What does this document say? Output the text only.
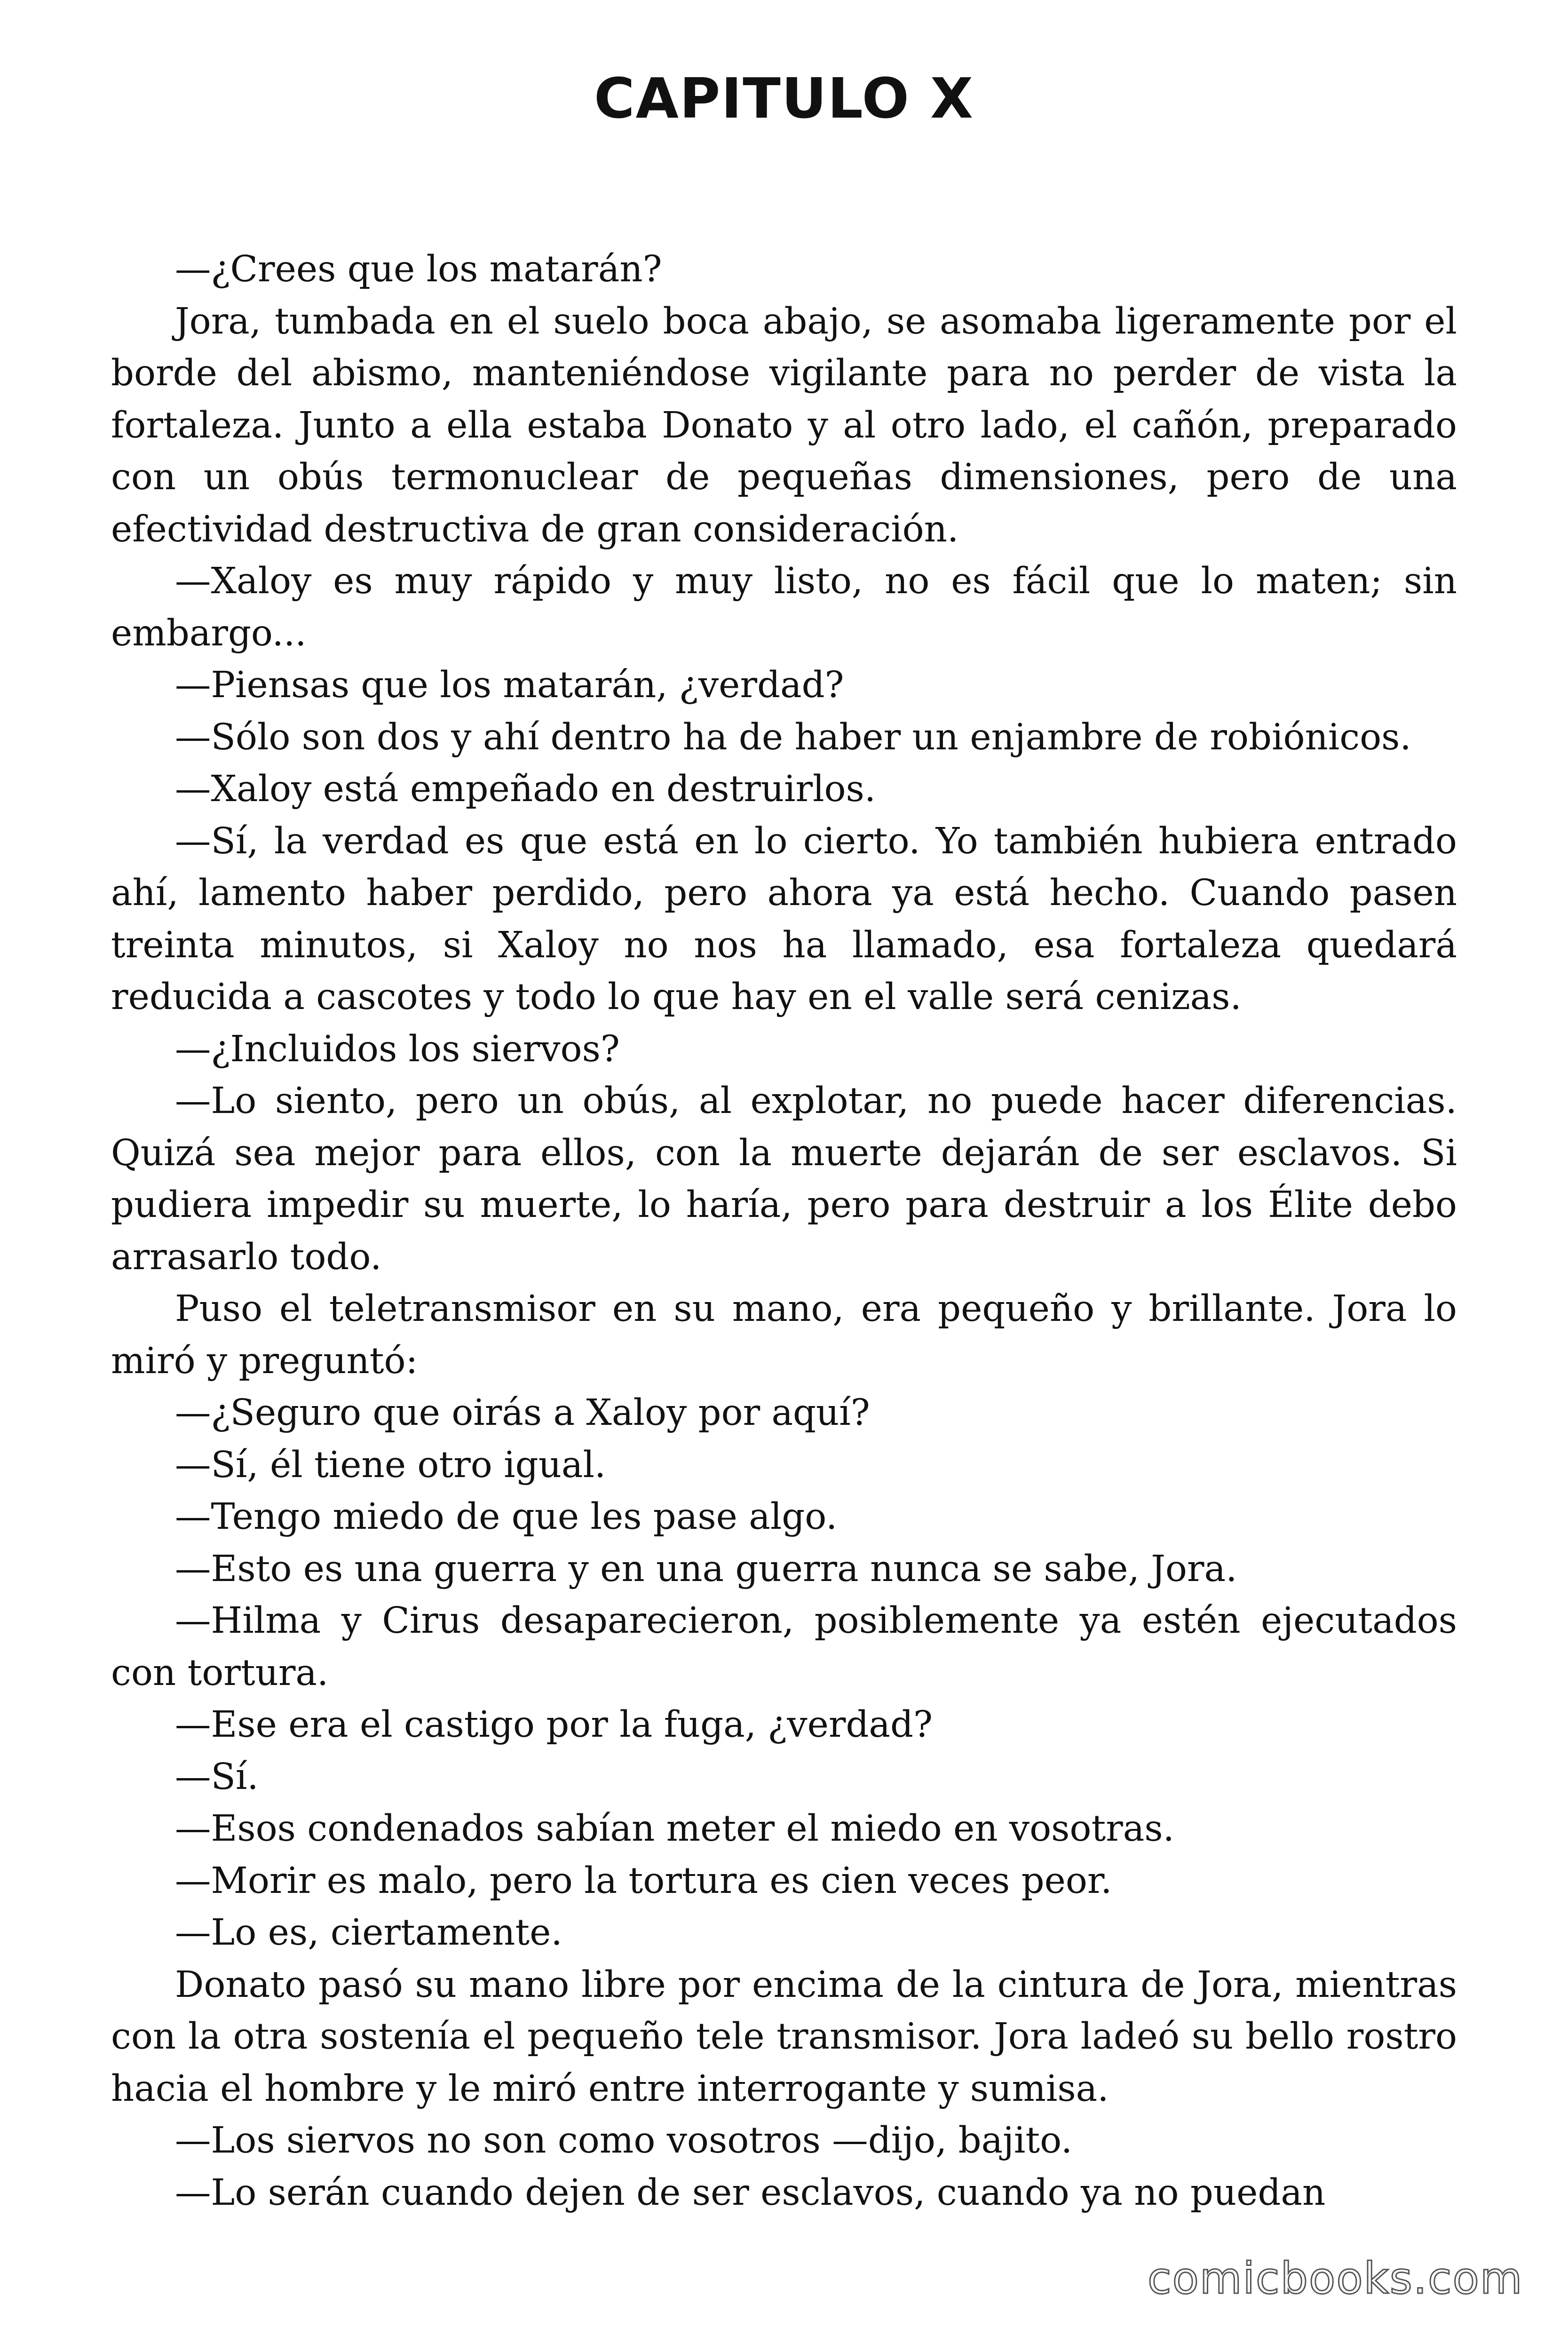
CAPITULO X

—¿Crees que los matarán?

Jora, tumbada en el suelo boca abajo, se asomaba ligeramente por el borde del abismo, manteniéndose vigilante para no perder de vista la fortaleza. Junto a ella estaba Donato y al otro lado, el cañón, preparado con un obús termonuclear de pequeñas dimensiones, pero de una efectividad destructiva de gran consideración.

—Xaloy es muy rápido y muy listo, no es fácil que lo maten; sin embargo...

—Piensas que los matarán, ¿verdad?

—Sólo son dos y ahí dentro ha de haber un enjambre de robiónicos.

—Xaloy está empeñado en destruirlos.

—Sí, la verdad es que está en lo cierto. Yo también hubiera entrado ahí, lamento haber perdido, pero ahora ya está hecho. Cuando pasen treinta minutos, si Xaloy no nos ha llamado, esa fortaleza quedará reducida a cascotes y todo lo que hay en el valle será cenizas.

—¿Incluidos los siervos?

—Lo siento, pero un obús, al explotar, no puede hacer diferencias. Quizá sea mejor para ellos, con la muerte dejarán de ser esclavos. Si pudiera impedir su muerte, lo haría, pero para destruir a los Élite debo arrasarlo todo.

Puso el teletransmisor en su mano, era pequeño y brillante. Jora lo miró y preguntó:

—¿Seguro que oirás a Xaloy por aquí?

—Sí, él tiene otro igual.

—Tengo miedo de que les pase algo.

—Esto es una guerra y en una guerra nunca se sabe, Jora.

—Hilma y Cirus desaparecieron, posiblemente ya estén ejecutados con tortura.

—Ese era el castigo por la fuga, ¿verdad?

—Sí.

—Esos condenados sabían meter el miedo en vosotras.

—Morir es malo, pero la tortura es cien veces peor.

—Lo es, ciertamente.

Donato pasó su mano libre por encima de la cintura de Jora, mientras con la otra sostenía el pequeño tele transmisor. Jora ladeó su bello rostro hacia el hombre y le miró entre interrogante y sumisa.

—Los siervos no son como vosotros —dijo, bajito.

—Lo serán cuando dejen de ser esclavos, cuando ya no puedan

comicbooks.com
